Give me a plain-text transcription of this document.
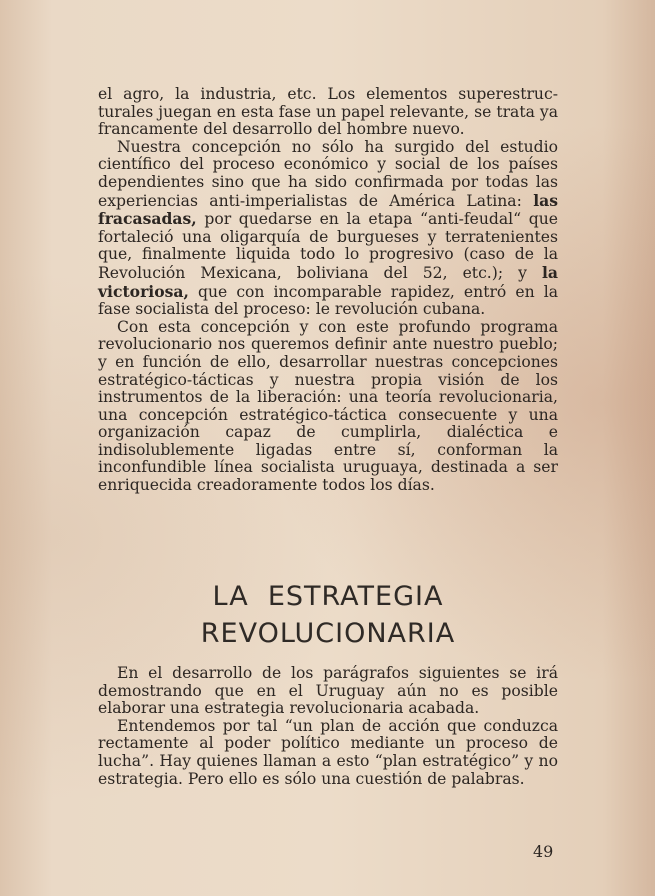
el agro, la industria, etc. Los elementos superestructurales juegan en esta fase un papel relevante, se trata ya francamente del desarrollo del hombre nuevo.

Nuestra concepción no sólo ha surgido del estudio científico del proceso económico y social de los países dependientes sino que ha sido confirmada por todas las experiencias anti-imperialistas de América Latina: las fracasadas, por quedarse en la etapa “anti-feudal“ que fortaleció una oligarquía de burgueses y terratenientes que, finalmente liquida todo lo progresivo (caso de la Revolución Mexicana, boliviana del 52, etc.); y la victoriosa, que con incomparable rapidez, entró en la fase socialista del proceso: le revolución cubana.

Con esta concepción y con este profundo programa revolucionario nos queremos definir ante nuestro pueblo; y en función de ello, desarrollar nuestras concepciones estratégico-tácticas y nuestra propia visión de los instrumentos de la liberación: una teoría revolucionaria, una concepción estratégico-táctica consecuente y una organización capaz de cumplirla, dialéctica e indisolublemente ligadas entre sí, conforman la inconfundible línea socialista uruguaya, destinada a ser enriquecida creadoramente todos los días.

LA  ESTRATEGIA
REVOLUCIONARIA

En el desarrollo de los parágrafos siguientes se irá demostrando que en el Uruguay aún no es posible elaborar una estrategia revolucionaria acabada.

Entendemos por tal “un plan de acción que conduzca rectamente al poder político mediante un proceso de lucha”. Hay quienes llaman a esto “plan estratégico” y no estrategia. Pero ello es sólo una cuestión de palabras.

49
